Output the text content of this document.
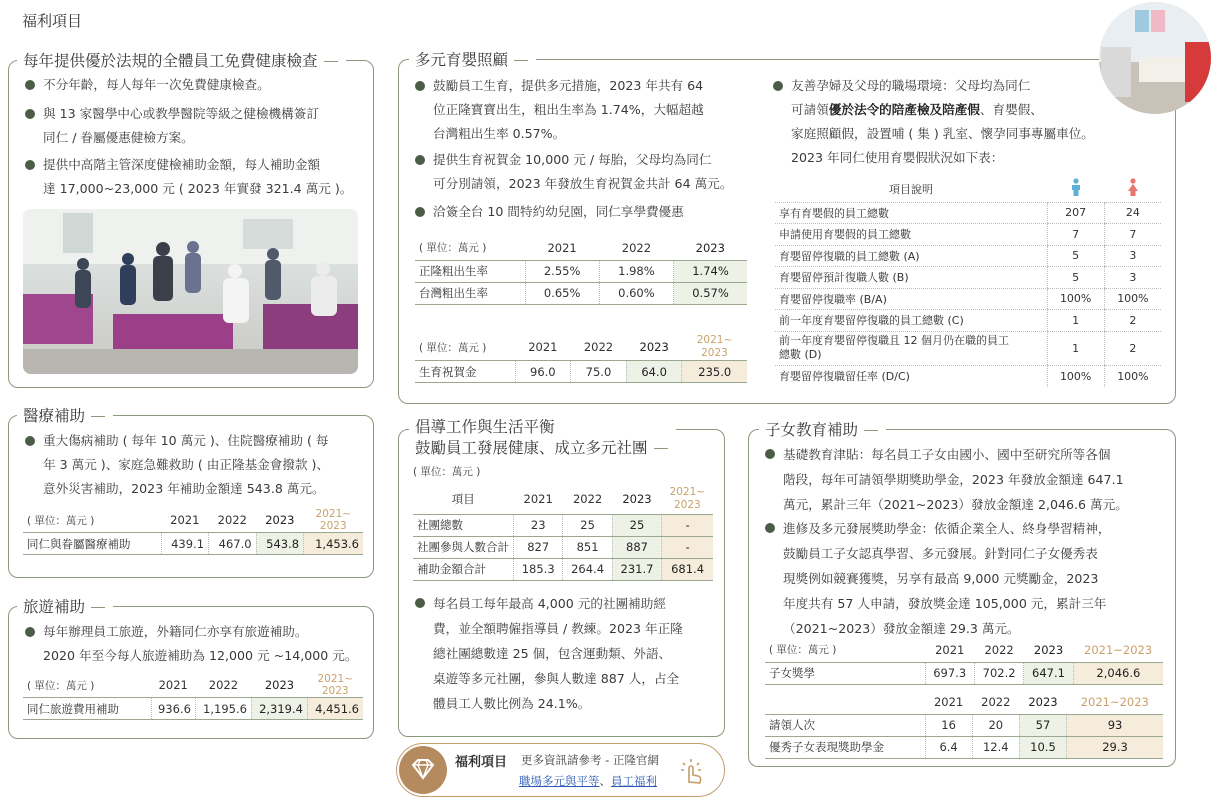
福利項目
每年提供優於法規的全體員工免費健康檢查
不分年齡，每人每年一次免費健康檢查。
與 13 家醫學中心或教學醫院等級之健檢機構簽訂
同仁 / 眷屬優惠健檢方案。
提供中高階主管深度健檢補助金額，每人補助金額
達 17,000~23,000 元 ( 2023 年實發 321.4 萬元 )。
醫療補助
重大傷病補助 ( 每年 10 萬元 )、住院醫療補助 ( 每
年 3 萬元 )、家庭急難救助 ( 由正隆基金會撥款 )、
意外災害補助，2023 年補助金額達 543.8 萬元。
( 單位：萬元 )	2021	2022	2023	2021~
2023
同仁與眷屬醫療補助	439.1	467.0	543.8	1,453.6
旅遊補助
每年辦理員工旅遊，外籍同仁亦享有旅遊補助。
2020 年至今每人旅遊補助為 12,000 元 ~14,000 元。
( 單位：萬元 )	2021	2022	2023	2021~
2023
同仁旅遊費用補助	936.6	1,195.6	2,319.4	4,451.6
多元育嬰照顧
鼓勵員工生育，提供多元措施，2023 年共有 64
位正隆寶寶出生，粗出生率為 1.74%，大幅超越
台灣粗出生率 0.57%。
提供生育祝賀金 10,000 元 / 每胎，父母均為同仁
可分別請領，2023 年發放生育祝賀金共計 64 萬元。
洽簽全台 10 間特約幼兒園，同仁享學費優惠
( 單位：萬元 )	2021	2022	2023
正隆粗出生率	2.55%	1.98%	1.74%
台灣粗出生率	0.65%	0.60%	0.57%
( 單位：萬元 )	2021	2022	2023	2021~
2023
生育祝賀金	96.0	75.0	64.0	235.0
友善孕婦及父母的職場環境：父母均為同仁
可請領優於法令的陪產檢及陪產假、育嬰假、
家庭照顧假，設置哺 ( 集 ) 乳室、懷孕同事專屬車位。
2023 年同仁使用育嬰假狀況如下表：
項目說明		
享有育嬰假的員工總數	207	24
申請使用育嬰假的員工總數	7	7
育嬰留停復職的員工總數 (A)	5	3
育嬰留停預計復職人數 (B)	5	3
育嬰留停復職率 (B/A)	100%	100%
前一年度育嬰留停復職的員工總數 (C)	1	2
前一年度育嬰留停復職且 12 個月仍在職的員工
總數 (D)	1	2
育嬰留停復職留任率 (D/C)	100%	100%
倡導工作與生活平衡
鼓勵員工發展健康、成立多元社團
( 單位：萬元 )
項目	2021	2022	2023	2021~
2023
社團總數	23	25	25	-
社團參與人數合計	827	851	887	-
補助金額合計	185.3	264.4	231.7	681.4
每名員工每年最高 4,000 元的社團補助經
費，並全額聘僱指導員 / 教練。2023 年正隆
總社團總數達 25 個，包含運動類、外語、
桌遊等多元社團，參與人數達 887 人，占全
體員工人數比例為 24.1%。
子女教育補助
基礎教育津貼：每名員工子女由國小、國中至研究所等各個
階段，每年可請領學期獎助學金，2023 年發放金額達 647.1
萬元，累計三年（2021~2023）發放金額達 2,046.6 萬元。
進修及多元發展獎助學金：依循企業全人、終身學習精神，
鼓勵員工子女認真學習、多元發展。針對同仁子女優秀表
現獎例如競賽獲獎，另享有最高 9,000 元獎勵金，2023
年度共有 57 人申請，發放獎金達 105,000 元，累計三年
（2021~2023）發放金額達 29.3 萬元。
( 單位：萬元 )	2021	2022	2023	2021~2023
子女獎學	697.3	702.2	647.1	2,046.6
	2021	2022	2023	2021~2023
請領人次	16	20	57	93
優秀子女表現獎助學金	6.4	12.4	10.5	29.3
福利項目 更多資訊請參考 - 正隆官網
職場多元與平等、員工福利
